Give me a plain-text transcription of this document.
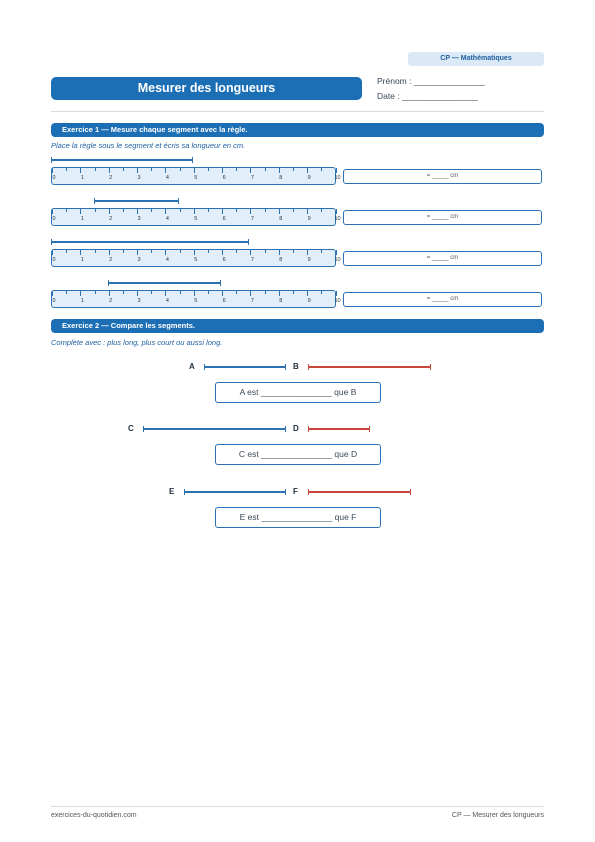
CP — Mathématiques
Mesurer des longueurs	Prénom : _______________
Date : ________________
Exercice 1 — Mesure chaque segment avec la règle.
Place la règle sous le segment et écris sa longueur en cm.
0	1	2	3	4	5	6	7	8	9	10	= _____ cm
0	1	2	3	4	5	6	7	8	9	10	= _____ cm
0	1	2	3	4	5	6	7	8	9	10	= _____ cm
0	1	2	3	4	5	6	7	8	9	10	= _____ cm
Exercice 2 — Compare les segments.
Complète avec : plus long, plus court ou aussi long.
A	B
A est _______________ que B
C	D
C est _______________ que D
E	F
E est _______________ que F
exercices-du-quotidien.com	CP — Mesurer des longueurs
